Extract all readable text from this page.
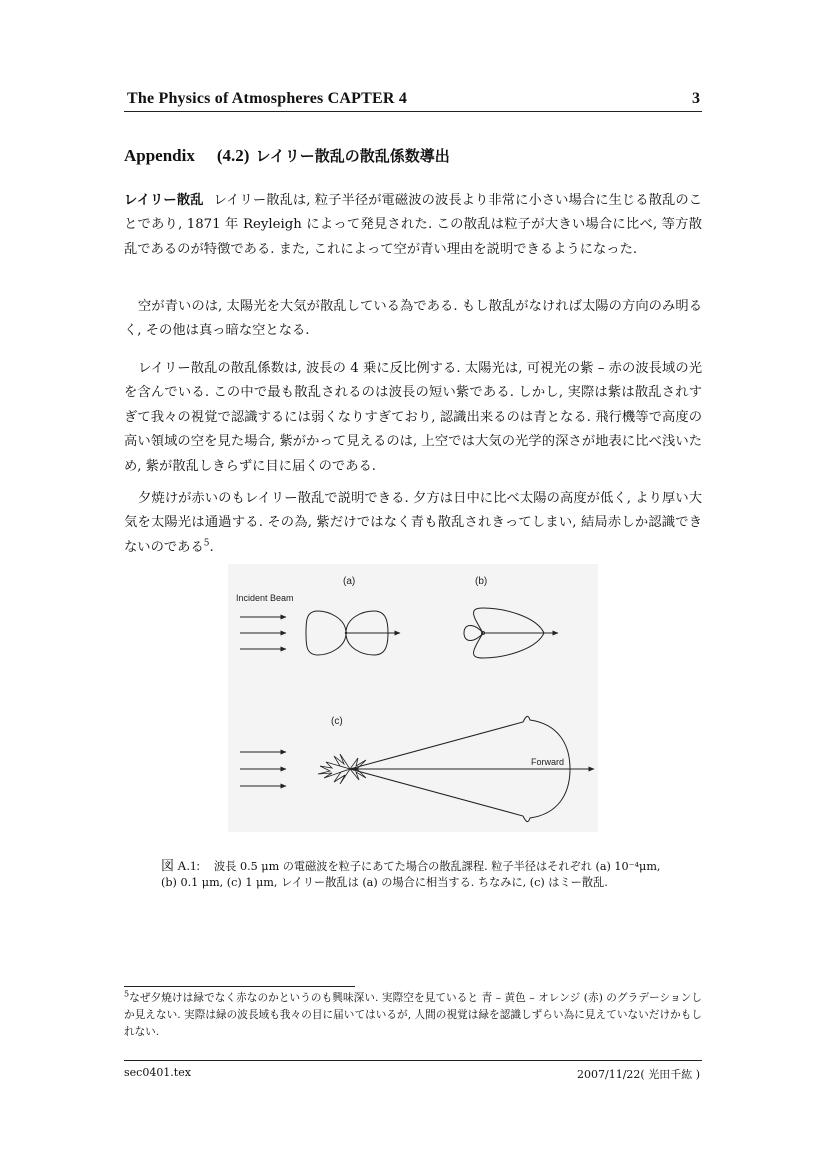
The Physics of Atmospheres CAPTER 4	3
Appendix (4.2) レイリー散乱の散乱係数導出
レイリー散乱 レイリー散乱は, 粒子半径が電磁波の波長より非常に小さい場合に生じる散乱のことであり, 1871 年 Reyleigh によって発見された. この散乱は粒子が大きい場合に比べ, 等方散乱であるのが特徴である. また, これによって空が青い理由を説明できるようになった.
空が青いのは, 太陽光を大気が散乱している為である. もし散乱がなければ太陽の方向のみ明るく, その他は真っ暗な空となる.
レイリー散乱の散乱係数は, 波長の 4 乗に反比例する. 太陽光は, 可視光の紫 – 赤の波長域の光を含んでいる. この中で最も散乱されるのは波長の短い紫である. しかし, 実際は紫は散乱されすぎて我々の視覚で認識するには弱くなりすぎており, 認識出来るのは青となる. 飛行機等で高度の高い領域の空を見た場合, 紫がかって見えるのは, 上空では大気の光学的深さが地表に比べ浅いため, 紫が散乱しきらずに目に届くのである.
夕焼けが赤いのもレイリー散乱で説明できる. 夕方は日中に比べ太陽の高度が低く, より厚い大気を太陽光は通過する. その為, 紫だけではなく青も散乱されきってしまい, 結局赤しか認識できないのである$^5$.
(a)
Incident Beam
(b)
(c)
Forward
図 A.1: 波長 0.5 μm の電磁波を粒子にあてた場合の散乱課程. 粒子半径はそれぞれ (a) 10⁻⁴μm, (b) 0.1 μm, (c) 1 μm, レイリー散乱は (a) の場合に相当する. ちなみに, (c) はミー散乱.
$^5$なぜ夕焼けは緑でなく赤なのかというのも興味深い. 実際空を見ていると 青 – 黄色 – オレンジ (赤) のグラデーションしか見えない. 実際は緑の波長域も我々の目に届いてはいるが, 人間の視覚は緑を認識しずらい為に見えていないだけかもしれない.
sec0401.tex	2007/11/22( 光田千紘 )
